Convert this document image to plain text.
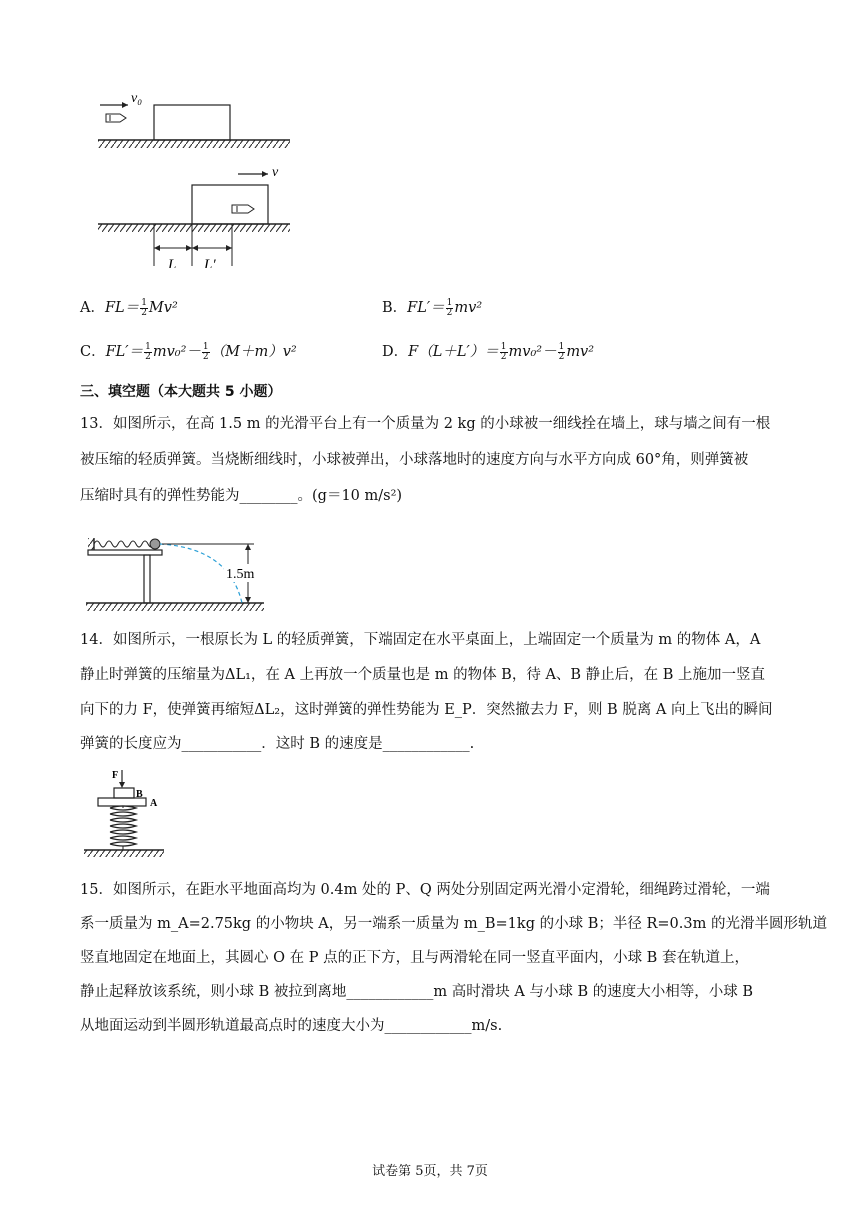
v₀
v
L L′
A．$FL= \frac{1}{2} Mv^2$	B．$FL'= \frac{1}{2} mv^2$
C．$FL'= \frac{1}{2} mv_0^2- \frac{1}{2} (M+m)v^2$	D．$F(L+L')= \frac{1}{2} mv_0^2- \frac{1}{2} mv^2$
三、填空题（本大题共 5 小题）
13．如图所示，在高 1.5 m 的光滑平台上有一个质量为 2 kg 的小球被一细线拴在墙上，球与墙之间有一根
被压缩的轻质弹簧。当烧断细线时，小球被弹出，小球落地时的速度方向与水平方向成 60°角，则弹簧被
压缩时具有的弹性势能为________。(g＝10 m/s²)
1.5m
14．如图所示，一根原长为 L 的轻质弹簧，下端固定在水平桌面上，上端固定一个质量为 m 的物体 A，A
静止时弹簧的压缩量为ΔL₁，在 A 上再放一个质量也是 m 的物体 B，待 A、B 静止后，在 B 上施加一竖直
向下的力 F，使弹簧再缩短ΔL₂，这时弹簧的弹性势能为 E_P．突然撤去力 F，则 B 脱离 A 向上飞出的瞬间
弹簧的长度应为___________．这时 B 的速度是____________.
F
B
A
15．如图所示，在距水平地面高均为 0.4m 处的 P、Q 两处分别固定两光滑小定滑轮，细绳跨过滑轮，一端
系一质量为 m_A=2.75kg 的小物块 A，另一端系一质量为 m_B=1kg 的小球 B；半径 R=0.3m 的光滑半圆形轨道
竖直地固定在地面上，其圆心 O 在 P 点的正下方，且与两滑轮在同一竖直平面内，小球 B 套在轨道上，
静止起释放该系统，则小球 B 被拉到离地____________m 高时滑块 A 与小球 B 的速度大小相等，小球 B
从地面运动到半圆形轨道最高点时的速度大小为____________m/s.
试卷第 5页，共 7页
